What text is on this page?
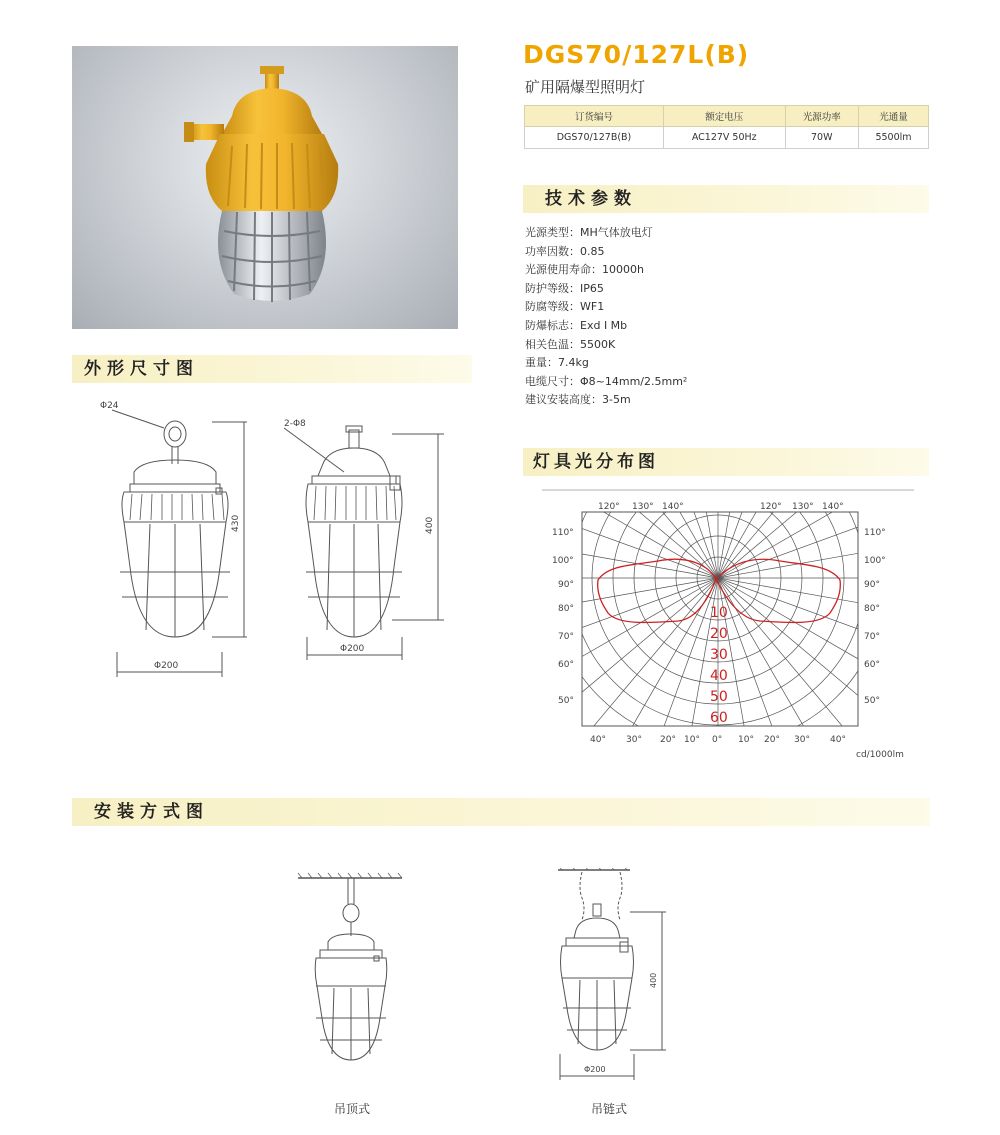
DGS70/127L(B)
矿用隔爆型照明灯
订货编号	额定电压	光源功率	光通量
DGS70/127B(B)	AC127V 50Hz	70W	5500lm
技术参数
外形尺寸图
灯具光分布图
安装方式图
光源类型：MH气体放电灯
功率因数：0.85
光源使用寿命：10000h
防护等级：IP65
防腐等级：WF1
防爆标志：Exd I Mb
相关色温：5500K
重量：7.4kg
电缆尺寸：Φ8~14mm/2.5mm²
建议安装高度：3-5m
Φ24
430
Φ200
2-Φ8
400
Φ200
120° 130° 140°	120° 130° 140°
110°
100°
90°
80°
70°
60°
50°
110°
100°
90°
80°
70°
60°
50°
40° 30° 20° 10° 0° 10° 20° 30° 40°
10
20
30
40
50
60
cd/1000lm
400
Φ200
吊顶式	吊链式
